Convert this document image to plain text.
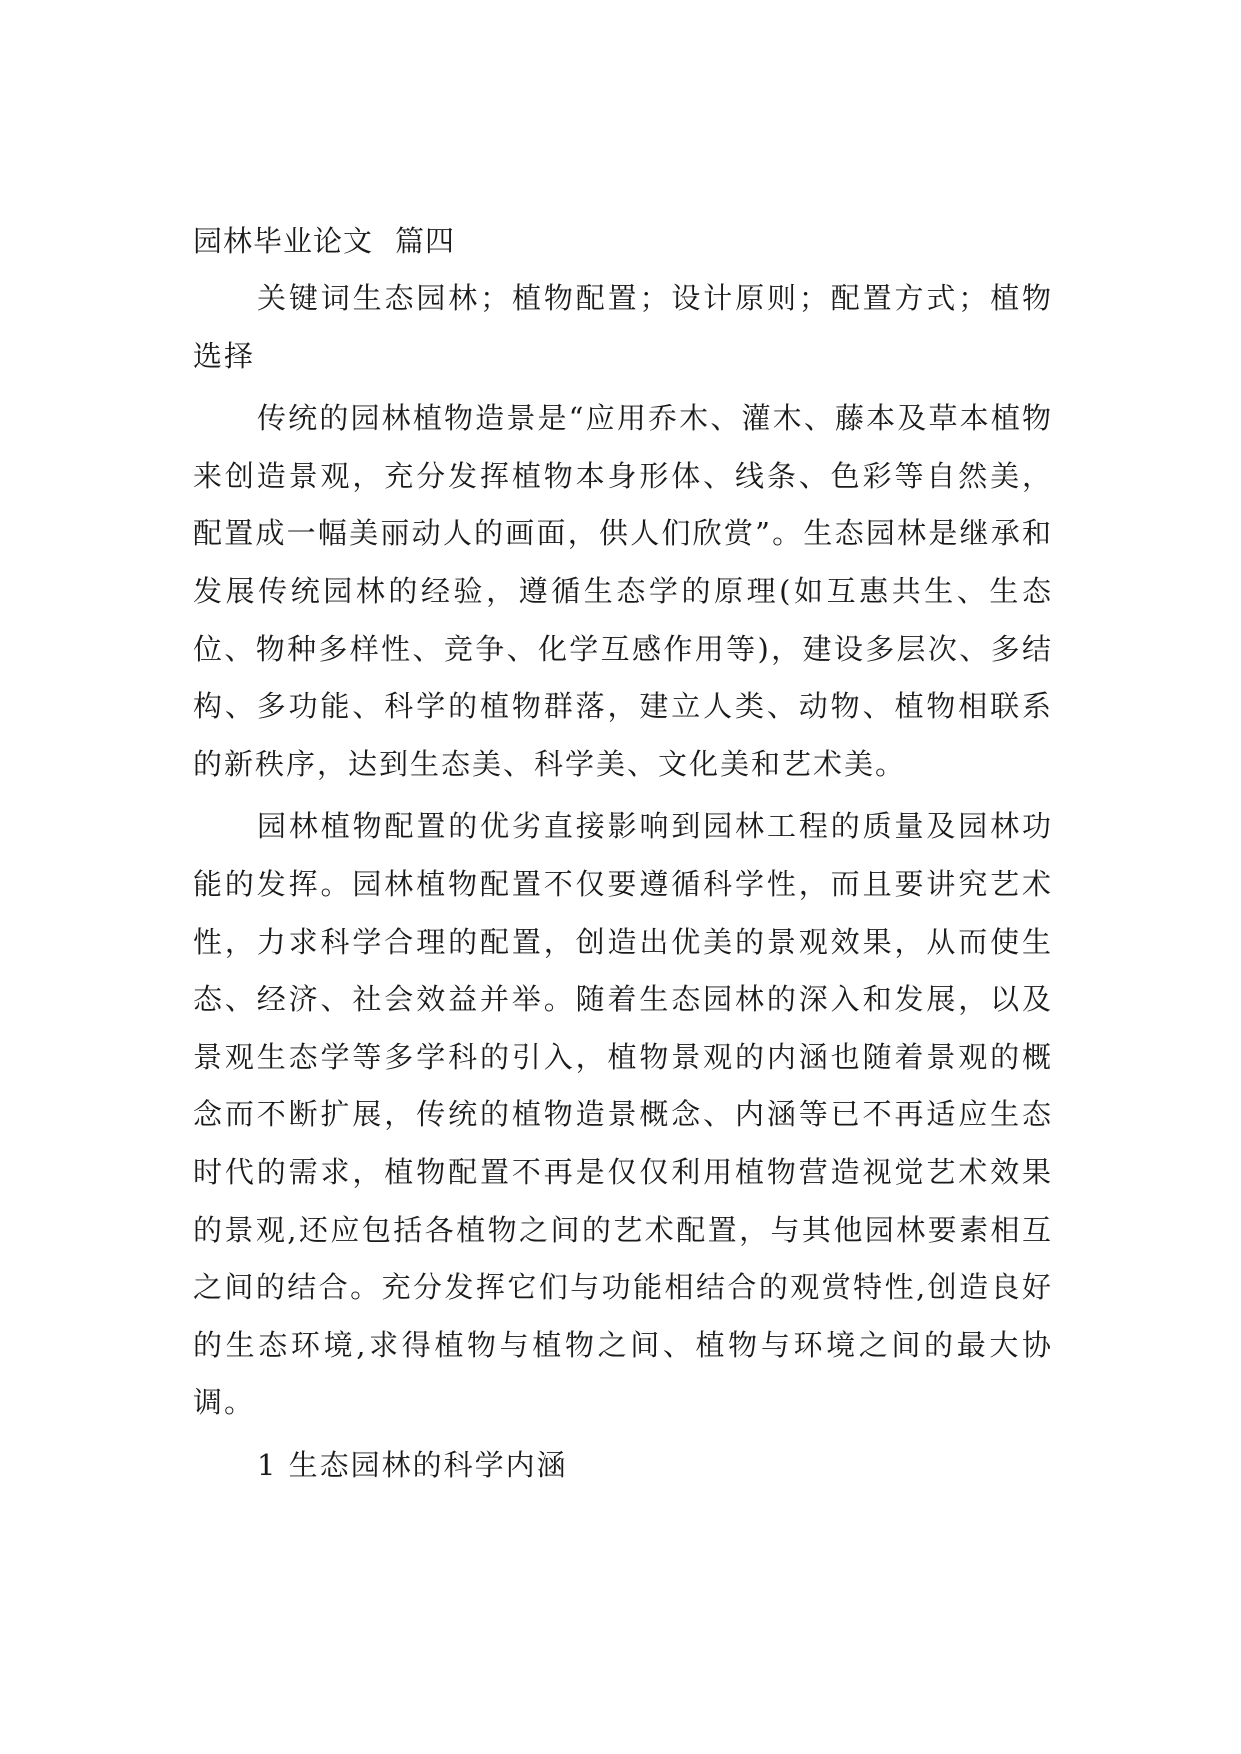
园林毕业论文 篇四

关键词生态园林；植物配置；设计原则；配置方式；植物选择

传统的园林植物造景是“应用乔木、灌木、藤本及草本植物来创造景观，充分发挥植物本身形体、线条、色彩等自然美，配置成一幅美丽动人的画面，供人们欣赏”。生态园林是继承和发展传统园林的经验，遵循生态学的原理(如互惠共生、生态位、物种多样性、竞争、化学互感作用等)，建设多层次、多结构、多功能、科学的植物群落，建立人类、动物、植物相联系的新秩序，达到生态美、科学美、文化美和艺术美。

园林植物配置的优劣直接影响到园林工程的质量及园林功能的发挥。园林植物配置不仅要遵循科学性，而且要讲究艺术性，力求科学合理的配置，创造出优美的景观效果，从而使生态、经济、社会效益并举。随着生态园林的深入和发展，以及景观生态学等多学科的引入，植物景观的内涵也随着景观的概念而不断扩展，传统的植物造景概念、内涵等已不再适应生态时代的需求，植物配置不再是仅仅利用植物营造视觉艺术效果的景观,还应包括各植物之间的艺术配置，与其他园林要素相互之间的结合。充分发挥它们与功能相结合的观赏特性,创造良好的生态环境,求得植物与植物之间、植物与环境之间的最大协调。

1 生态园林的科学内涵
